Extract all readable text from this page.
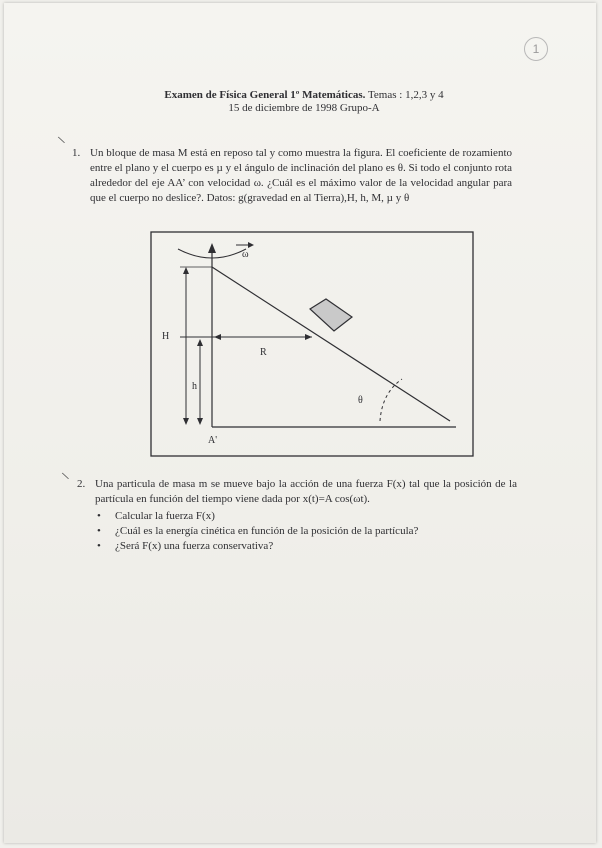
1
Examen de Física General 1º Matemáticas. Temas : 1,2,3 y 4
15 de diciembre de 1998 Grupo-A
1. Un bloque de masa M está en reposo tal y como muestra la figura. El coeficiente de rozamiento entre el plano y el cuerpo es µ y el ángulo de inclinación del plano es θ. Si todo el conjunto rota alrededor del eje AA’ con velocidad ω. ¿Cuál es el máximo valor de la velocidad angular para que el cuerpo no deslice?. Datos: g(gravedad en al Tierra),H, h, M, µ y θ
ω
H
h
R
θ
A'
2. Una particula de masa m se mueve bajo la acción de una fuerza F(x) tal que la posición de la partícula en función del tiempo viene dada por x(t)=A cos(ωt).
• Calcular la fuerza F(x)
• ¿Cuál es la energía cinética en función de la posición de la partícula?
• ¿Será F(x) una fuerza conservativa?
\
\
